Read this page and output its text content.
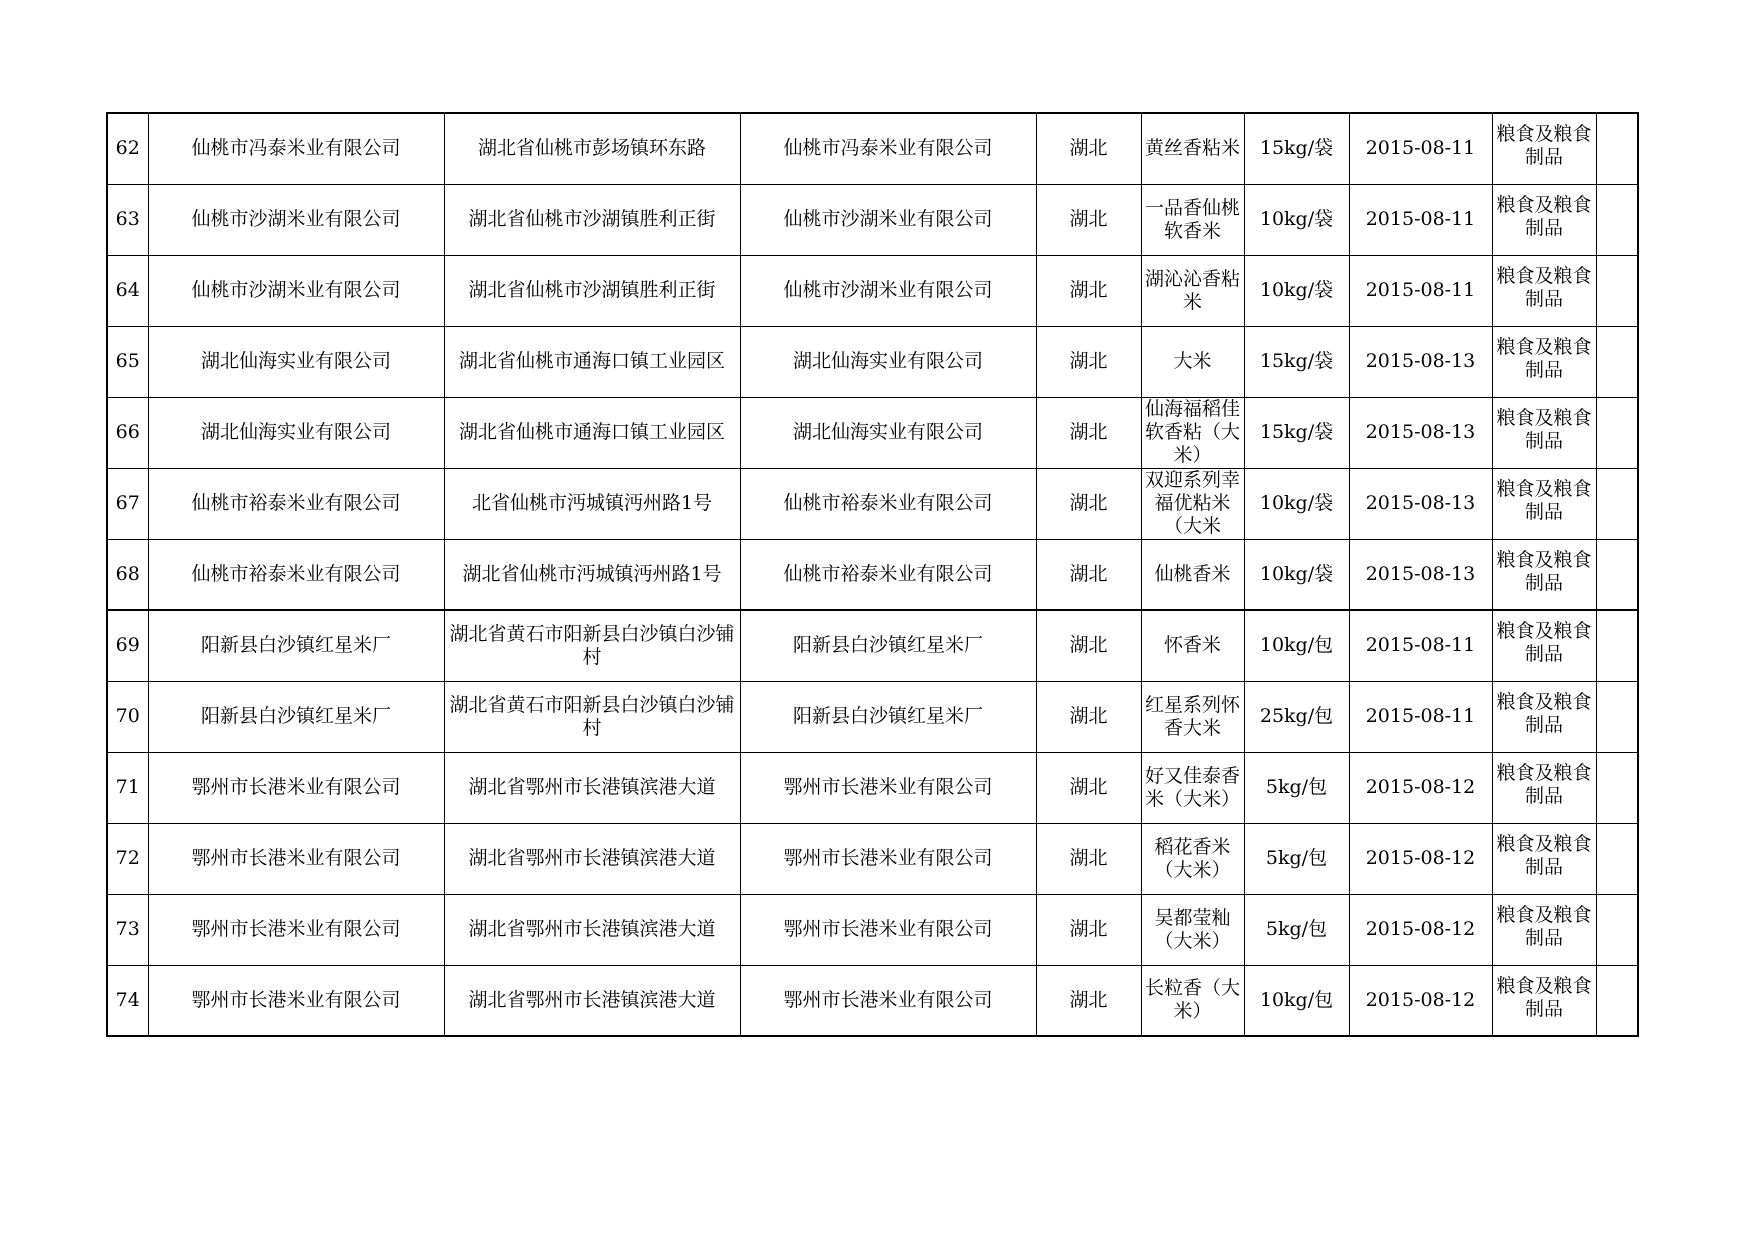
62	仙桃市冯泰米业有限公司	湖北省仙桃市彭场镇环东路	仙桃市冯泰米业有限公司	湖北	黄丝香粘米	15kg/袋	2015-08-11	粮食及粮食制品	
63	仙桃市沙湖米业有限公司	湖北省仙桃市沙湖镇胜利正街	仙桃市沙湖米业有限公司	湖北	一品香仙桃软香米	10kg/袋	2015-08-11	粮食及粮食制品	
64	仙桃市沙湖米业有限公司	湖北省仙桃市沙湖镇胜利正街	仙桃市沙湖米业有限公司	湖北	湖沁沁香粘米	10kg/袋	2015-08-11	粮食及粮食制品	
65	湖北仙海实业有限公司	湖北省仙桃市通海口镇工业园区	湖北仙海实业有限公司	湖北	大米	15kg/袋	2015-08-13	粮食及粮食制品	
66	湖北仙海实业有限公司	湖北省仙桃市通海口镇工业园区	湖北仙海实业有限公司	湖北	仙海福稻佳软香粘（大米）	15kg/袋	2015-08-13	粮食及粮食制品	
67	仙桃市裕泰米业有限公司	北省仙桃市沔城镇沔州路1号	仙桃市裕泰米业有限公司	湖北	双迎系列幸福优粘米（大米	10kg/袋	2015-08-13	粮食及粮食制品	
68	仙桃市裕泰米业有限公司	湖北省仙桃市沔城镇沔州路1号	仙桃市裕泰米业有限公司	湖北	仙桃香米	10kg/袋	2015-08-13	粮食及粮食制品	
69	阳新县白沙镇红星米厂	湖北省黄石市阳新县白沙镇白沙铺村	阳新县白沙镇红星米厂	湖北	怀香米	10kg/包	2015-08-11	粮食及粮食制品	
70	阳新县白沙镇红星米厂	湖北省黄石市阳新县白沙镇白沙铺村	阳新县白沙镇红星米厂	湖北	红星系列怀香大米	25kg/包	2015-08-11	粮食及粮食制品	
71	鄂州市长港米业有限公司	湖北省鄂州市长港镇滨港大道	鄂州市长港米业有限公司	湖北	好又佳泰香米（大米）	5kg/包	2015-08-12	粮食及粮食制品	
72	鄂州市长港米业有限公司	湖北省鄂州市长港镇滨港大道	鄂州市长港米业有限公司	湖北	稻花香米（大米）	5kg/包	2015-08-12	粮食及粮食制品	
73	鄂州市长港米业有限公司	湖北省鄂州市长港镇滨港大道	鄂州市长港米业有限公司	湖北	吴都莹籼（大米）	5kg/包	2015-08-12	粮食及粮食制品	
74	鄂州市长港米业有限公司	湖北省鄂州市长港镇滨港大道	鄂州市长港米业有限公司	湖北	长粒香（大米）	10kg/包	2015-08-12	粮食及粮食制品	
